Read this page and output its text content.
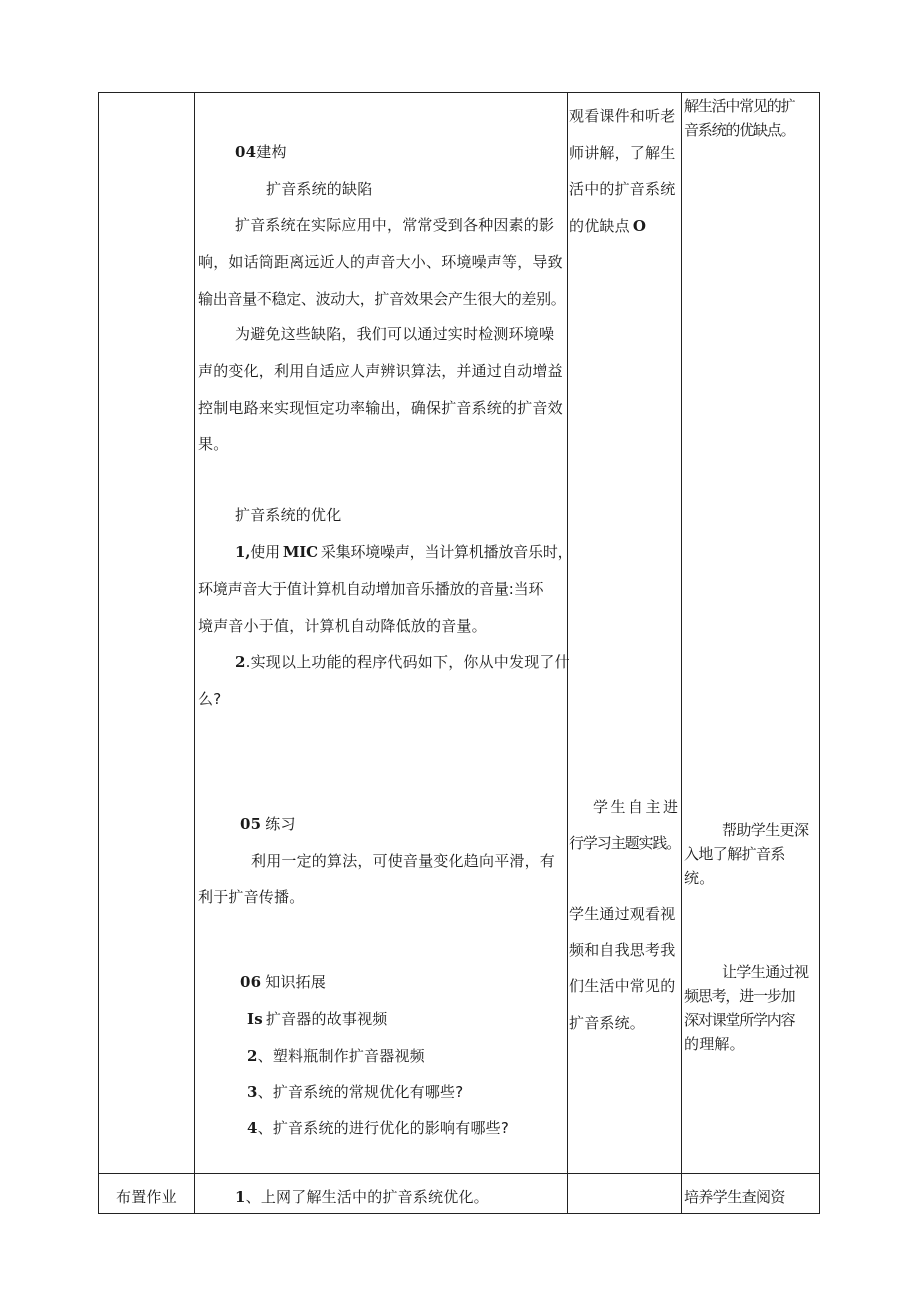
04建构
扩音系统的缺陷
扩音系统在实际应用中，常常受到各种因素的影
响，如话筒距离远近人的声音大小、环境噪声等，导致
输出音量不稳定、波动大，扩音效果会产生很大的差别。
为避免这些缺陷，我们可以通过实时检测环境噪
声的变化，利用自适应人声辨识算法，并通过自动增益
控制电路来实现恒定功率输出，确保扩音系统的扩音效
果。
扩音系统的优化
1,使用 MIC 采集环境噪声，当计算机播放音乐时，
环境声音大于值计算机自动增加音乐播放的音量:当环
境声音小于值，计算机自动降低放的音量。
2.实现以上功能的程序代码如下，你从中发现了什
么?
05 练习
利用一定的算法，可使音量变化趋向平滑，有
利于扩音传播。
06 知识拓展
Is 扩音器的故事视频
2、塑料瓶制作扩音器视频
3、扩音系统的常规优化有哪些?
4、扩音系统的进行优化的影响有哪些?
观看课件和听老
师讲解，了解生
活中的扩音系统
的优缺点 O
学生自主进
行学习主题实践。
学生通过观看视
频和自我思考我
们生活中常见的
扩音系统。
解生活中常见的扩
音系统的优缺点。
帮助学生更深
入地了解扩音系
统。
让学生通过视
频思考，进一步加
深对课堂所学内容
的理解。
布置作业	1、上网了解生活中的扩音系统优化。	培养学生查阅资
